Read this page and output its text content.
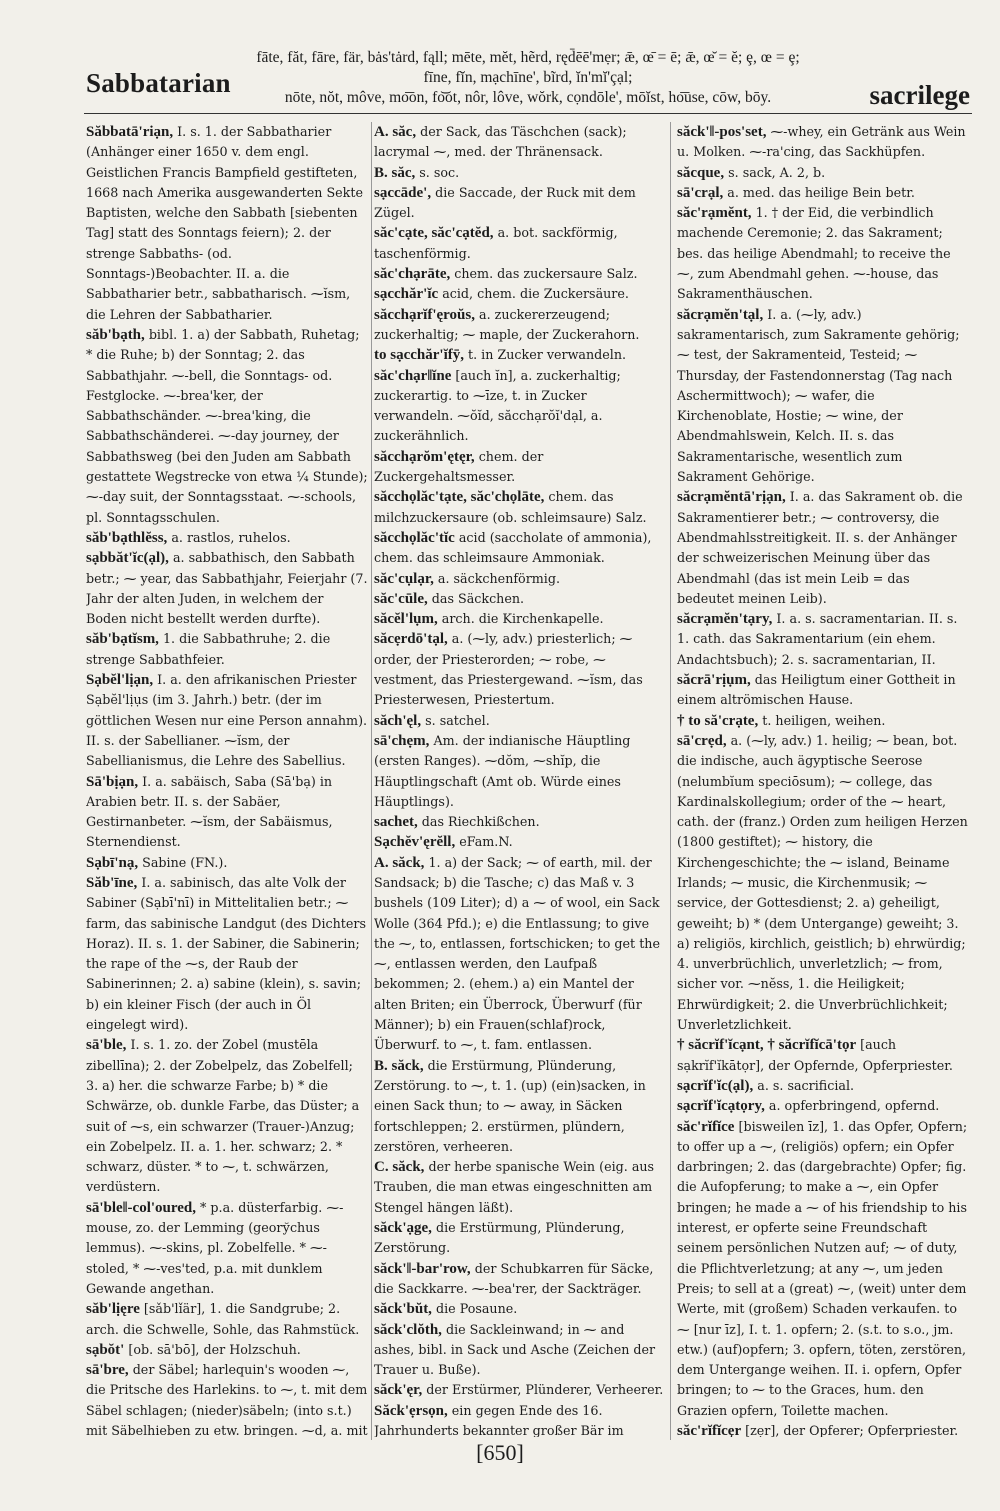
Sabbatarian
fāte, făt, fāre, fär, bȧs'tȧrd, fąll; mēte, mĕt, hẽrd, ręd̄ēē'mẹr; ǣ, œ̄ = ē; ǣ, œ̆ = ĕ; ȩ, œ = ȩ;
fīne, fĭn, mạchīne', bĩrd, ĭn'mĭ'çạl;
nōte, nŏt, môve, mo͞on, fo͝ot, nôr, lôve, wŏrk, cọndōle', mōĭst, ho͞use, cōw, bōy.	sacrilege

Săbbatā'riạn, I. s. 1. der Sabbatharier (Anhänger einer 1650 v. dem engl. Geistlichen Francis Bampfield gestifteten, 1668 nach Amerika ausgewanderten Sekte Baptisten, welche den Sabbath [siebenten Tag] statt des Sonntags feiern); 2. der strenge Sabbaths- (od. Sonntags-)Beobachter. II. a. die Sabbatharier betr., sabbatharisch. ⁓ĭsm, die Lehren der Sabbatharier.

săb'bạth, bibl. 1. a) der Sabbath, Ruhetag; * die Ruhe; b) der Sonntag; 2. das Sabbathjahr. ⁓-bell, die Sonntags- od. Festglocke. ⁓-brea'ker, der Sabbathschänder. ⁓-brea'king, die Sabbathschänderei. ⁓-day journey, der Sabbathsweg (bei den Juden am Sabbath gestattete Wegstrecke von etwa ¼ Stunde); ⁓-day suit, der Sonntagsstaat. ⁓-schools, pl. Sonntagsschulen.

săb'bạthlĕss, a. rastlos, ruhelos.

sạbbăt'ĭc(ạl), a. sabbathisch, den Sabbath betr.; ⁓ year, das Sabbathjahr, Feierjahr (7. Jahr der alten Juden, in welchem der Boden nicht bestellt werden durfte).

săb'bạtĭsm, 1. die Sabbathruhe; 2. die strenge Sabbathfeier.

Sạbĕl'lịạn, I. a. den afrikanischen Priester Sạbĕl'lịụs (im 3. Jahrh.) betr. (der im göttlichen Wesen nur eine Person annahm). II. s. der Sabellianer. ⁓ĭsm, der Sabellianismus, die Lehre des Sabellius.

Sā'bịạn, I. a. sabäisch, Saba (Sā'bạ) in Arabien betr. II. s. der Sabäer, Gestirnanbeter. ⁓ĭsm, der Sabäismus, Sternendienst.

Sạbī'nạ, Sabine (FN.).

Săb'īne, I. a. sabinisch, das alte Volk der Sabiner (Sạbī'nī) in Mittelitalien betr.; ⁓ farm, das sabinische Landgut (des Dichters Horaz). II. s. 1. der Sabiner, die Sabinerin; the rape of the ⁓s, der Raub der Sabinerinnen; 2. a) sabine (klein), s. savin; b) ein kleiner Fisch (der auch in Öl eingelegt wird).

sā'ble, I. s. 1. zo. der Zobel (mustēla zibellīna); 2. der Zobelpelz, das Zobelfell; 3. a) her. die schwarze Farbe; b) * die Schwärze, ob. dunkle Farbe, das Düster; a suit of ⁓s, ein schwarzer (Trauer-)Anzug; ein Zobelpelz. II. a. 1. her. schwarz; 2. * schwarz, düster. * to ⁓, t. schwärzen, verdüstern.

sā'ble‖-col'oured, * p.a. düsterfarbig. ⁓-mouse, zo. der Lemming (georўchus lemmus). ⁓-skins, pl. Zobelfelle. * ⁓-stoled, * ⁓-ves'ted, p.a. mit dunklem Gewande angethan.

săb'lịęre [sǎb'lǐär], 1. die Sandgrube; 2. arch. die Schwelle, Sohle, das Rahmstück.

sạbŏt' [ob. sā'bō], der Holzschuh.

sā'bre, der Säbel; harlequin's wooden ⁓, die Pritsche des Harlekins. to ⁓, t. mit dem Säbel schlagen; (nieder)säbeln; (into s.t.) mit Säbelhieben zu etw. bringen. ⁓d, a. mit

A. săc, der Sack, das Täschchen (sack); lacrymal ⁓, med. der Thränensack.

B. săc, s. soc.

sạccāde', die Saccade, der Ruck mit dem Zügel.

săc'cạte, săc'cạtĕd, a. bot. sackförmig, taschenförmig.

săc'chạrāte, chem. das zuckersaure Salz.

sạcchăr'ĭc acid, chem. die Zuckersäure.

săcchạrĭf'ęroŭs, a. zuckererzeugend; zuckerhaltig; ⁓ maple, der Zuckerahorn.

to sạcchăr'ĭfȳ, t. in Zucker verwandeln.

săc'chạr‖ĭne [auch ĭn], a. zuckerhaltig; zuckerartig. to ⁓īze, t. in Zucker verwandeln. ⁓ŏĭd, săcchạrŏĭ'dạl, a. zuckerähnlich.

săcchạrŏm'ętęr, chem. der Zuckergehaltsmesser.

săcchọlăc'tạte, săc'chọlāte, chem. das milchzuckersaure (ob. schleimsaure) Salz.

săcchọlăc'tĭc acid (saccholate of ammonia), chem. das schleimsaure Ammoniak.

săc'cụlạr, a. säckchenförmig.

săc'cūle, das Säckchen.

săcĕl'lụm, arch. die Kirchenkapelle.

săcẹrdō'tạl, a. (⁓ly, adv.) priesterlich; ⁓ order, der Priesterorden; ⁓ robe, ⁓ vestment, das Priestergewand. ⁓ĭsm, das Priesterwesen, Priestertum.

săch'ęl, s. satchel.

sā'chẹm, Am. der indianische Häuptling (ersten Ranges). ⁓dŏm, ⁓shĭp, die Häuptlingschaft (Amt ob. Würde eines Häuptlings).

sachet, das Riechkißchen.

Sạchĕv'ęrĕll, eFam.N.

A. săck, 1. a) der Sack; ⁓ of earth, mil. der Sandsack; b) die Tasche; c) das Maß v. 3 bushels (109 Liter); d) a ⁓ of wool, ein Sack Wolle (364 Pfd.); e) die Entlassung; to give the ⁓, to, entlassen, fortschicken; to get the ⁓, entlassen werden, den Laufpaß bekommen; 2. (ehem.) a) ein Mantel der alten Briten; ein Überrock, Überwurf (für Männer); b) ein Frauen(schlaf)rock, Überwurf. to ⁓, t. fam. entlassen.

B. săck, die Erstürmung, Plünderung, Zerstörung. to ⁓, t. 1. (up) (ein)sacken, in einen Sack thun; to ⁓ away, in Säcken fortschleppen; 2. erstürmen, plündern, zerstören, verheeren.

C. săck, der herbe spanische Wein (eig. aus Trauben, die man etwas eingeschnitten am Stengel hängen läßt).

săck'ạge, die Erstürmung, Plünderung, Zerstörung.

săck'‖-bar'row, der Schubkarren für Säcke, die Sackkarre. ⁓-bea'rer, der Sackträger.

săck'bŭt, die Posaune.

săck'clŏth, die Sackleinwand; in ⁓ and ashes, bibl. in Sack und Asche (Zeichen der Trauer u. Buße).

săck'ęr, der Erstürmer, Plünderer, Verheerer.

Săck'ẹrsọn, ein gegen Ende des 16. Jahrhunderts bekannter großer Bär im

săck'‖-pos'set, ⁓-whey, ein Getränk aus Wein u. Molken. ⁓-ra'cing, das Sackhüpfen.

săcque, s. sack, A. 2, b.

sā'crạl, a. med. das heilige Bein betr.

săc'rạmĕnt, 1. † der Eid, die verbindlich machende Ceremonie; 2. das Sakrament; bes. das heilige Abendmahl; to receive the ⁓, zum Abendmahl gehen. ⁓-house, das Sakramenthäuschen.

săcrạmĕn'tạl, I. a. (⁓ly, adv.) sakramentarisch, zum Sakramente gehörig; ⁓ test, der Sakramenteid, Testeid; ⁓ Thursday, der Fastendonnerstag (Tag nach Aschermittwoch); ⁓ wafer, die Kirchenoblate, Hostie; ⁓ wine, der Abendmahlswein, Kelch. II. s. das Sakramentarische, wesentlich zum Sakrament Gehörige.

săcrạmĕntā'rịạn, I. a. das Sakrament ob. die Sakramentierer betr.; ⁓ controversy, die Abendmahlsstreitigkeit. II. s. der Anhänger der schweizerischen Meinung über das Abendmahl (das ist mein Leib = das bedeutet meinen Leib).

săcrạmĕn'tạry, I. a. s. sacramentarian. II. s. 1. cath. das Sakramentarium (ein ehem. Andachtsbuch); 2. s. sacramentarian, II.

săcrā'rịụm, das Heiligtum einer Gottheit in einem altrömischen Hause.

† to să'crạte, t. heiligen, weihen.

sā'crẹd, a. (⁓ly, adv.) 1. heilig; ⁓ bean, bot. die indische, auch ägyptische Seerose (nelumbĭum speciōsum); ⁓ college, das Kardinalskollegium; order of the ⁓ heart, cath. der (franz.) Orden zum heiligen Herzen (1800 gestiftet); ⁓ history, die Kirchengeschichte; the ⁓ island, Beiname Irlands; ⁓ music, die Kirchenmusik; ⁓ service, der Gottesdienst; 2. a) geheiligt, geweiht; b) * (dem Untergange) geweiht; 3. a) religiös, kirchlich, geistlich; b) ehrwürdig; 4. unverbrüchlich, unverletzlich; ⁓ from, sicher vor. ⁓nĕss, 1. die Heiligkeit; Ehrwürdigkeit; 2. die Unverbrüchlichkeit; Unverletzlichkeit.

† săcrĭf'ĭcạnt, † săcrĭfĭcā'tọr [auch sạkrĭf'ĭkātọr], der Opfernde, Opferpriester.

sạcrĭf'ĭc(ạl), a. s. sacrificial.

sạcrĭf'ĭcạtọry, a. opferbringend, opfernd.

săc'rĭfĭce [bisweilen īz], 1. das Opfer, Opfern; to offer up a ⁓, (religiös) opfern; ein Opfer darbringen; 2. das (dargebrachte) Opfer; fig. die Aufopferung; to make a ⁓, ein Opfer bringen; he made a ⁓ of his friendship to his interest, er opferte seine Freundschaft seinem persönlichen Nutzen auf; ⁓ of duty, die Pflichtverletzung; at any ⁓, um jeden Preis; to sell at a (great) ⁓, (weit) unter dem Werte, mit (großem) Schaden verkaufen. to ⁓ [nur īz], I. t. 1. opfern; 2. (s.t. to s.o., jm. etw.) (auf)opfern; 3. opfern, töten, zerstören, dem Untergange weihen. II. i. opfern, Opfer bringen; to ⁓ to the Graces, hum. den Grazien opfern, Toilette machen.

săc'rĭfĭcęr [zẹr], der Opferer; Opferpriester.

[650]
